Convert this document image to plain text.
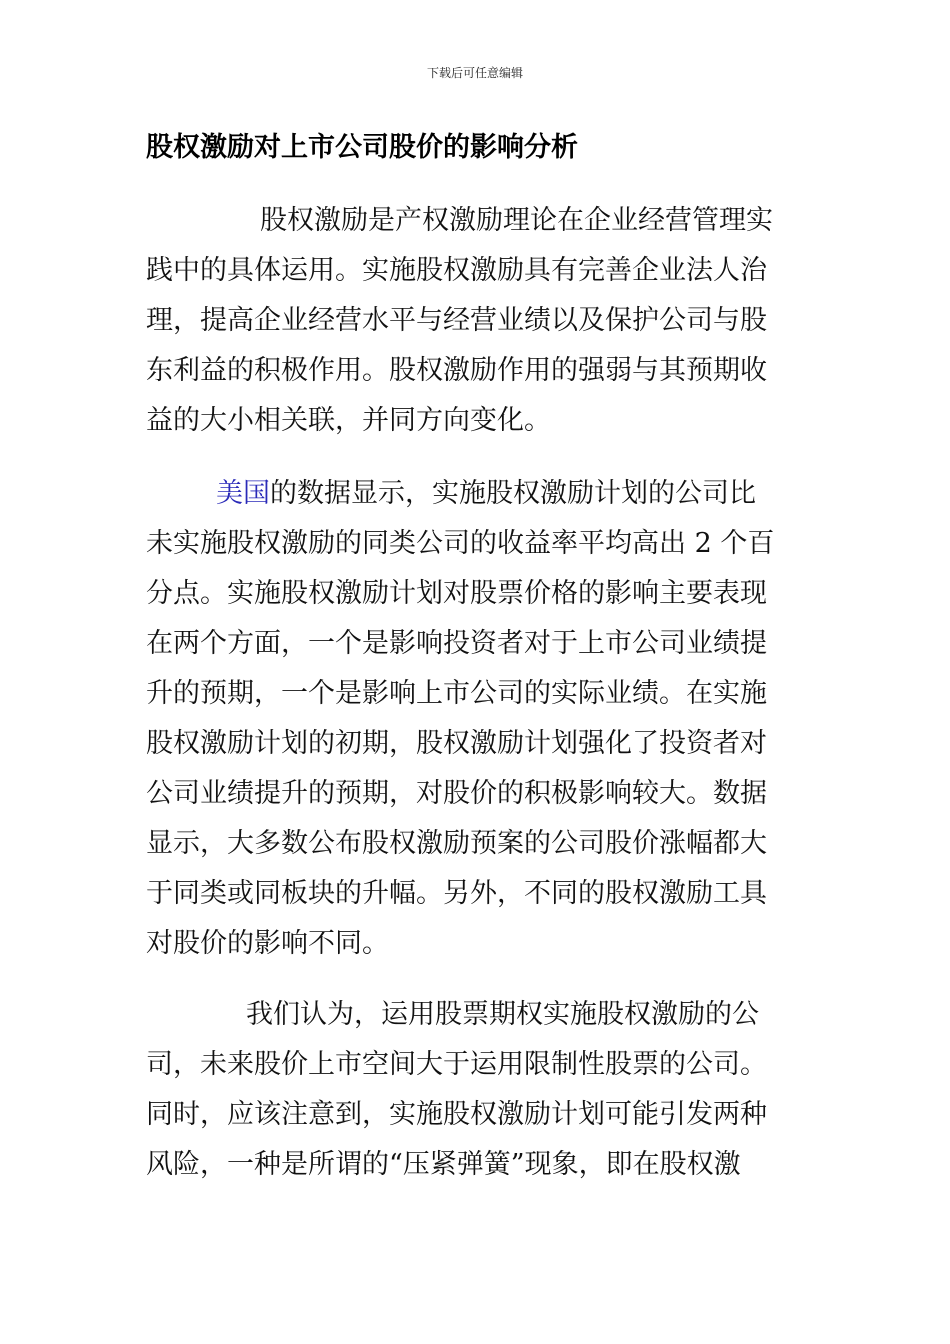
下载后可任意编辑
股权激励对上市公司股价的影响分析
股权激励是产权激励理论在企业经营管理实
践中的具体运用。实施股权激励具有完善企业法人治
理，提高企业经营水平与经营业绩以及保护公司与股
东利益的积极作用。股权激励作用的强弱与其预期收
益的大小相关联，并同方向变化。
美国的数据显示，实施股权激励计划的公司比
未实施股权激励的同类公司的收益率平均高出 2 个百
分点。实施股权激励计划对股票价格的影响主要表现
在两个方面，一个是影响投资者对于上市公司业绩提
升的预期，一个是影响上市公司的实际业绩。在实施
股权激励计划的初期，股权激励计划强化了投资者对
公司业绩提升的预期，对股价的积极影响较大。数据
显示，大多数公布股权激励预案的公司股价涨幅都大
于同类或同板块的升幅。另外，不同的股权激励工具
对股价的影响不同。
我们认为，运用股票期权实施股权激励的公
司，未来股价上市空间大于运用限制性股票的公司。
同时，应该注意到，实施股权激励计划可能引发两种
风险，一种是所谓的“压紧弹簧”现象，即在股权激
